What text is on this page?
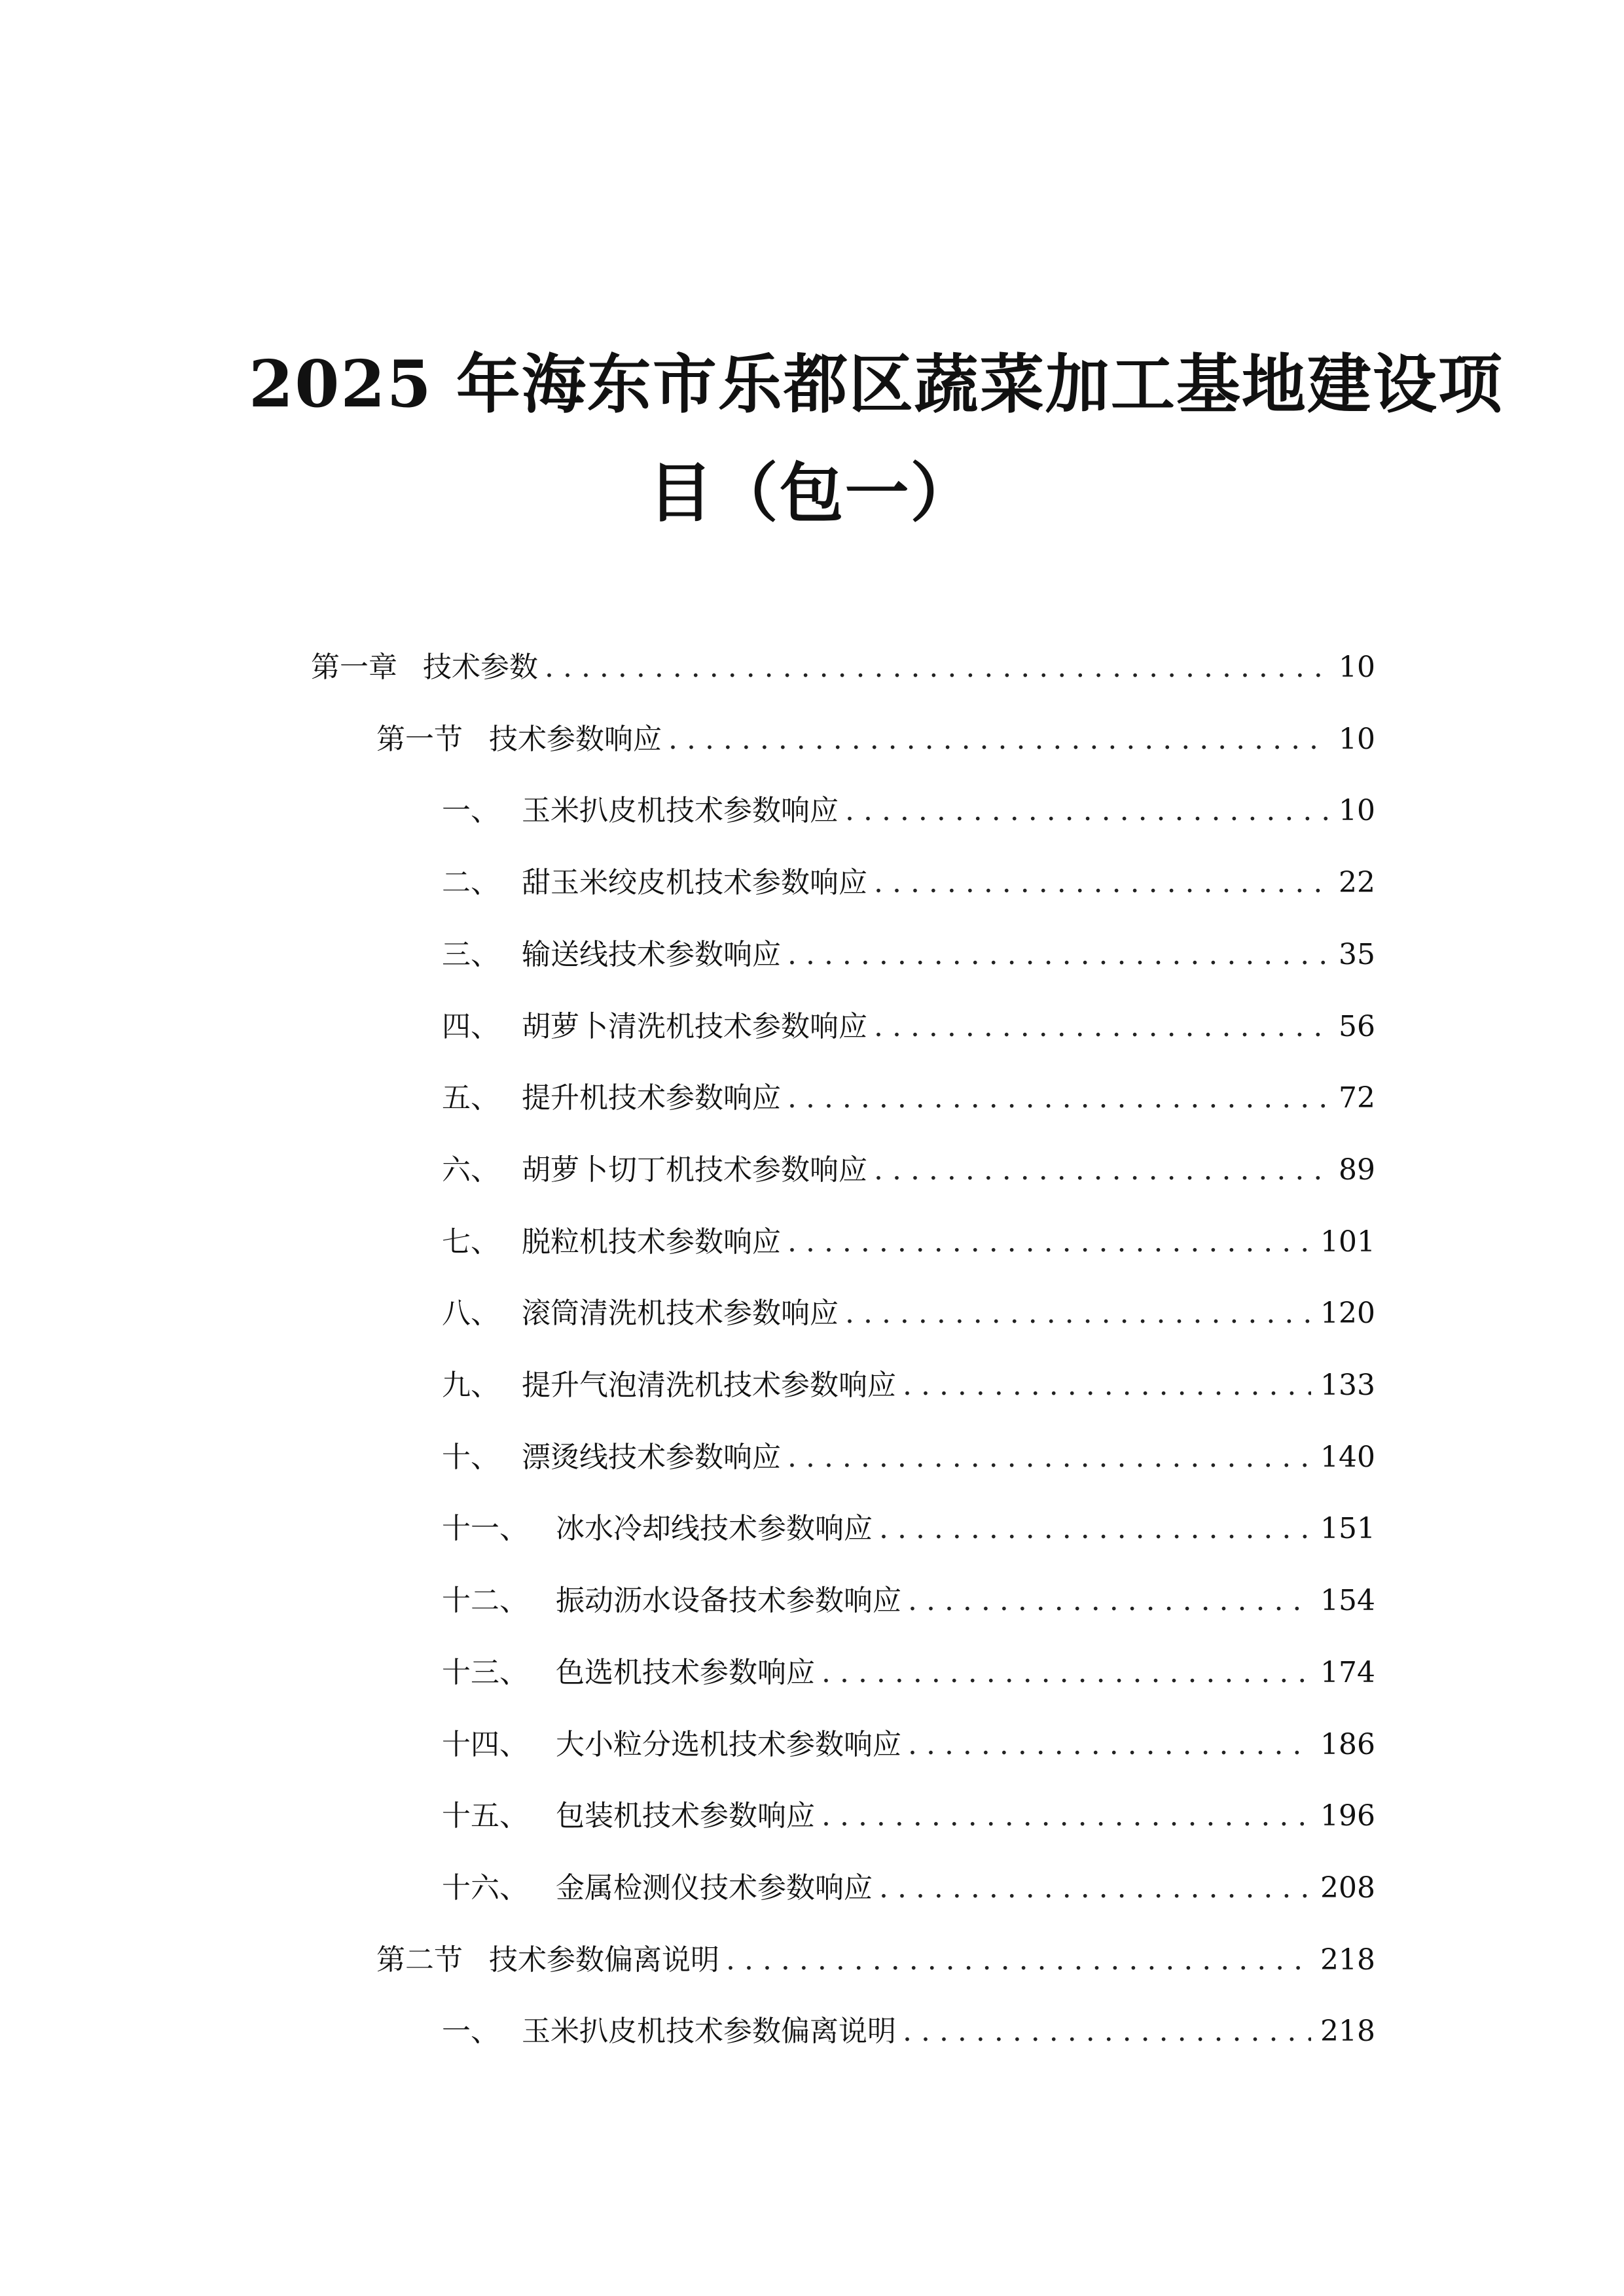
2025 年海东市乐都区蔬菜加工基地建设项
目（包一）
第一章 技术参数 . . .	10
第一节 技术参数响应 . . .	10
一、 玉米扒皮机技术参数响应 . . .	10
二、 甜玉米绞皮机技术参数响应 . . .	22
三、 输送线技术参数响应 . . .	35
四、 胡萝卜清洗机技术参数响应 . . .	56
五、 提升机技术参数响应 . . .	72
六、 胡萝卜切丁机技术参数响应 . . .	89
七、 脱粒机技术参数响应 . . .	101
八、 滚筒清洗机技术参数响应 . . .	120
九、 提升气泡清洗机技术参数响应 . . .	133
十、 漂烫线技术参数响应 . . .	140
十一、 冰水冷却线技术参数响应 . . .	151
十二、 振动沥水设备技术参数响应 . . .	154
十三、 色选机技术参数响应 . . .	174
十四、 大小粒分选机技术参数响应 . . .	186
十五、 包装机技术参数响应 . . .	196
十六、 金属检测仪技术参数响应 . . .	208
第二节 技术参数偏离说明 . . .	218
一、 玉米扒皮机技术参数偏离说明 . . .	218
